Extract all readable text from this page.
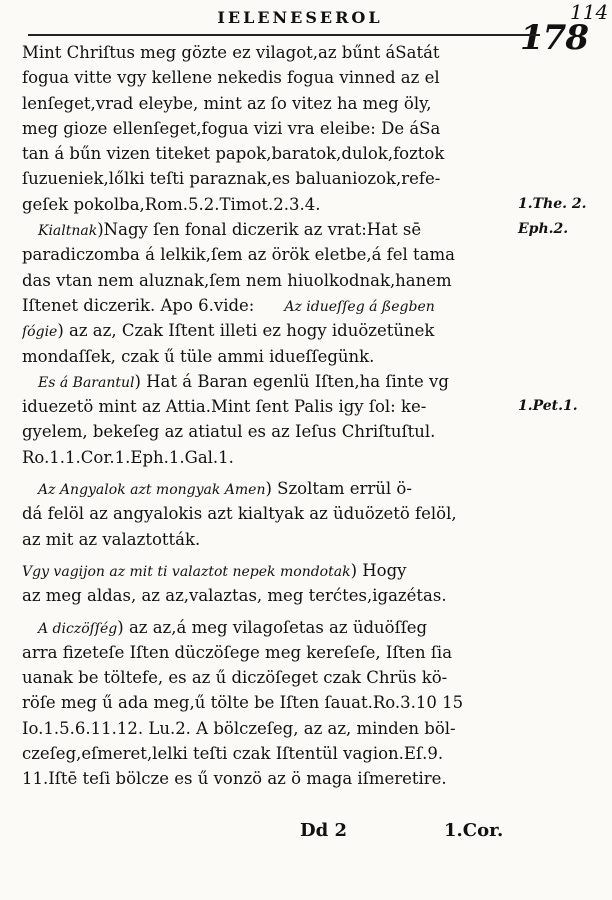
IELENESEROL
178
114
Mint Chriſtus meg gözte ez vilagot,az bűnt áSatát
fogua vitte vgy kellene nekedis fogua vinned az el
lenſeget,vrad eleybe, mint az ſo vitez ha meg öly,
meg gioze ellenſeget,fogua vizi vra eleibe: De áSa
tan á bűn vizen titeket papok,baratok,dulok,foztok
ſuzueniek,lőlki teſti paraznak,es baluaniozok,refe-
geſek pokolba,Rom.5.2.Timot.2.3.4.
Kialtnak)Nagy ſen fonal diczerik az vrat:Hat sē
paradiczomba á lelkik,ſem az örök eletbe,á fel tama
das vtan nem aluznak,ſem nem hiuolkodnak,hanem
Iſtenet diczerik. Apo 6.vide: Az idueſſeg á ßegben
ſógie) az az, Czak Iſtent illeti ez hogy iduözetünek
mondaſſek, czak ű tüle ammi idueſſegünk.
Es á Barantul) Hat á Baran egenlü Iſten,ha ſinte vg
iduezetö mint az Attia.Mint ſent Palis igy ſol: ke-
gyelem, bekeſeg az atiatul es az Ieſus Chriſtuſtul.
Ro.1.1.Cor.1.Eph.1.Gal.1.
Az Angyalok azt mongyak Amen) Szoltam errül ö-
dá felöl az angyalokis azt kialtyak az üduözetö felöl,
az mit az valaztották.
Vgy vagijon az mit ti valaztot nepek mondotak) Hogy
az meg aldas, az az,valaztas, meg terćtes,igazétas.
A diczöſſég) az az,á meg vilagoſetas az üduöſſeg
arra fizeteſe Iſten düczöſege meg kereſeſe, Iſten ſia
uanak be töltefe, es az ű diczöſeget czak Chrüs kö-
röſe meg ű ada meg,ű tölte be Iſten ſauat.Ro.3.10 15
Io.1.5.6.11.12. Lu.2. A bölczeſeg, az az, minden böl-
czeſeg,eſmeret,lelki teſti czak Iſtentül vagion.Eſ.9.
11.Iſtē teſi bölcze es ű vonzö az ö maga iſmeretire.
1.The. 2.
Eph.2.
1.Pet.1.
Dd 2	1.Cor.
